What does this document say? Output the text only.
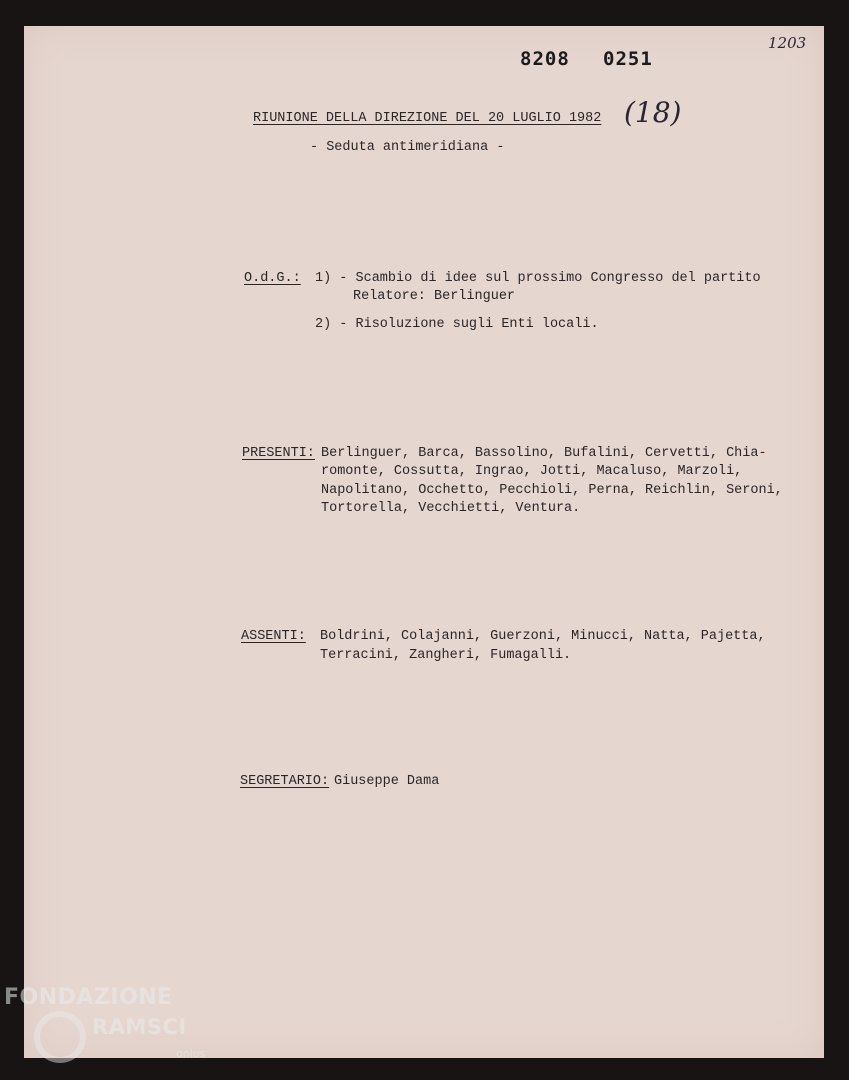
8208 0251
1203
(18)
RIUNIONE DELLA DIREZIONE DEL 20 LUGLIO 1982
- Seduta antimeridiana -
O.d.G.: 1) - Scambio di idee sul prossimo Congresso del partito
Relatore: Berlinguer
2) - Risoluzione sugli Enti locali.
PRESENTI: Berlinguer, Barca, Bassolino, Bufalini, Cervetti, Chia-
romonte, Cossutta, Ingrao, Jotti, Macaluso, Marzoli,
Napolitano, Occhetto, Pecchioli, Perna, Reichlin, Seroni,
Tortorella, Vecchietti, Ventura.
ASSENTI: Boldrini, Colajanni, Guerzoni, Minucci, Natta, Pajetta,
Terracini, Zangheri, Fumagalli.
SEGRETARIO: Giuseppe Dama
FONDAZIONE
RAMSCI
onlus
